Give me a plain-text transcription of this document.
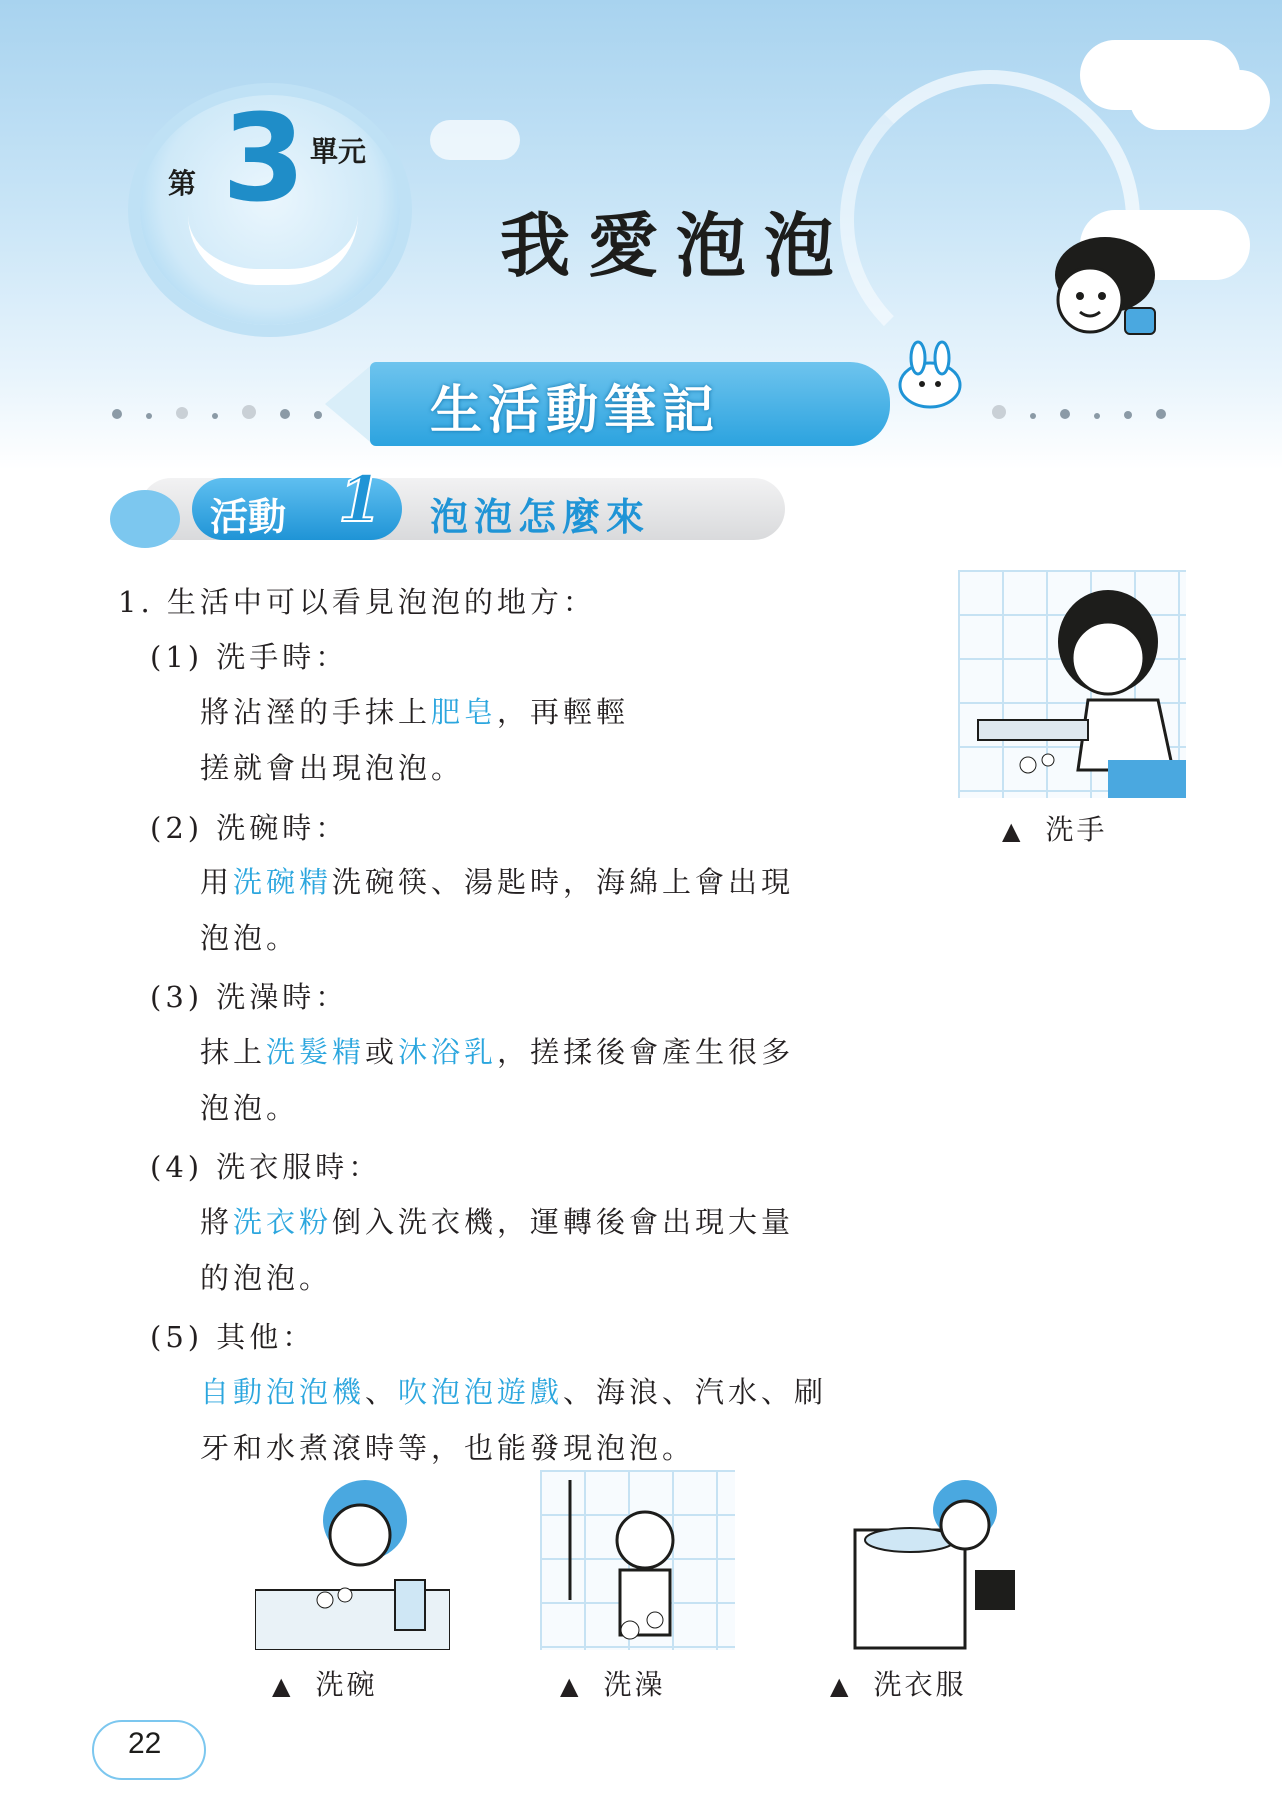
第 3 單元
我愛泡泡
生活動筆記
活動 1 泡泡怎麼來
1. 生活中可以看見泡泡的地方：
(1) 洗手時：
將沾溼的手抹上肥皂，再輕輕
搓就會出現泡泡。
(2) 洗碗時：
用洗碗精洗碗筷、湯匙時，海綿上會出現
泡泡。
(3) 洗澡時：
抹上洗髮精或沐浴乳，搓揉後會產生很多
泡泡。
(4) 洗衣服時：
將洗衣粉倒入洗衣機，運轉後會出現大量
的泡泡。
(5) 其他：
自動泡泡機、吹泡泡遊戲、海浪、汽水、刷
牙和水煮滾時等，也能發現泡泡。
▲ 洗手
▲ 洗碗	▲ 洗澡	▲ 洗衣服
22
